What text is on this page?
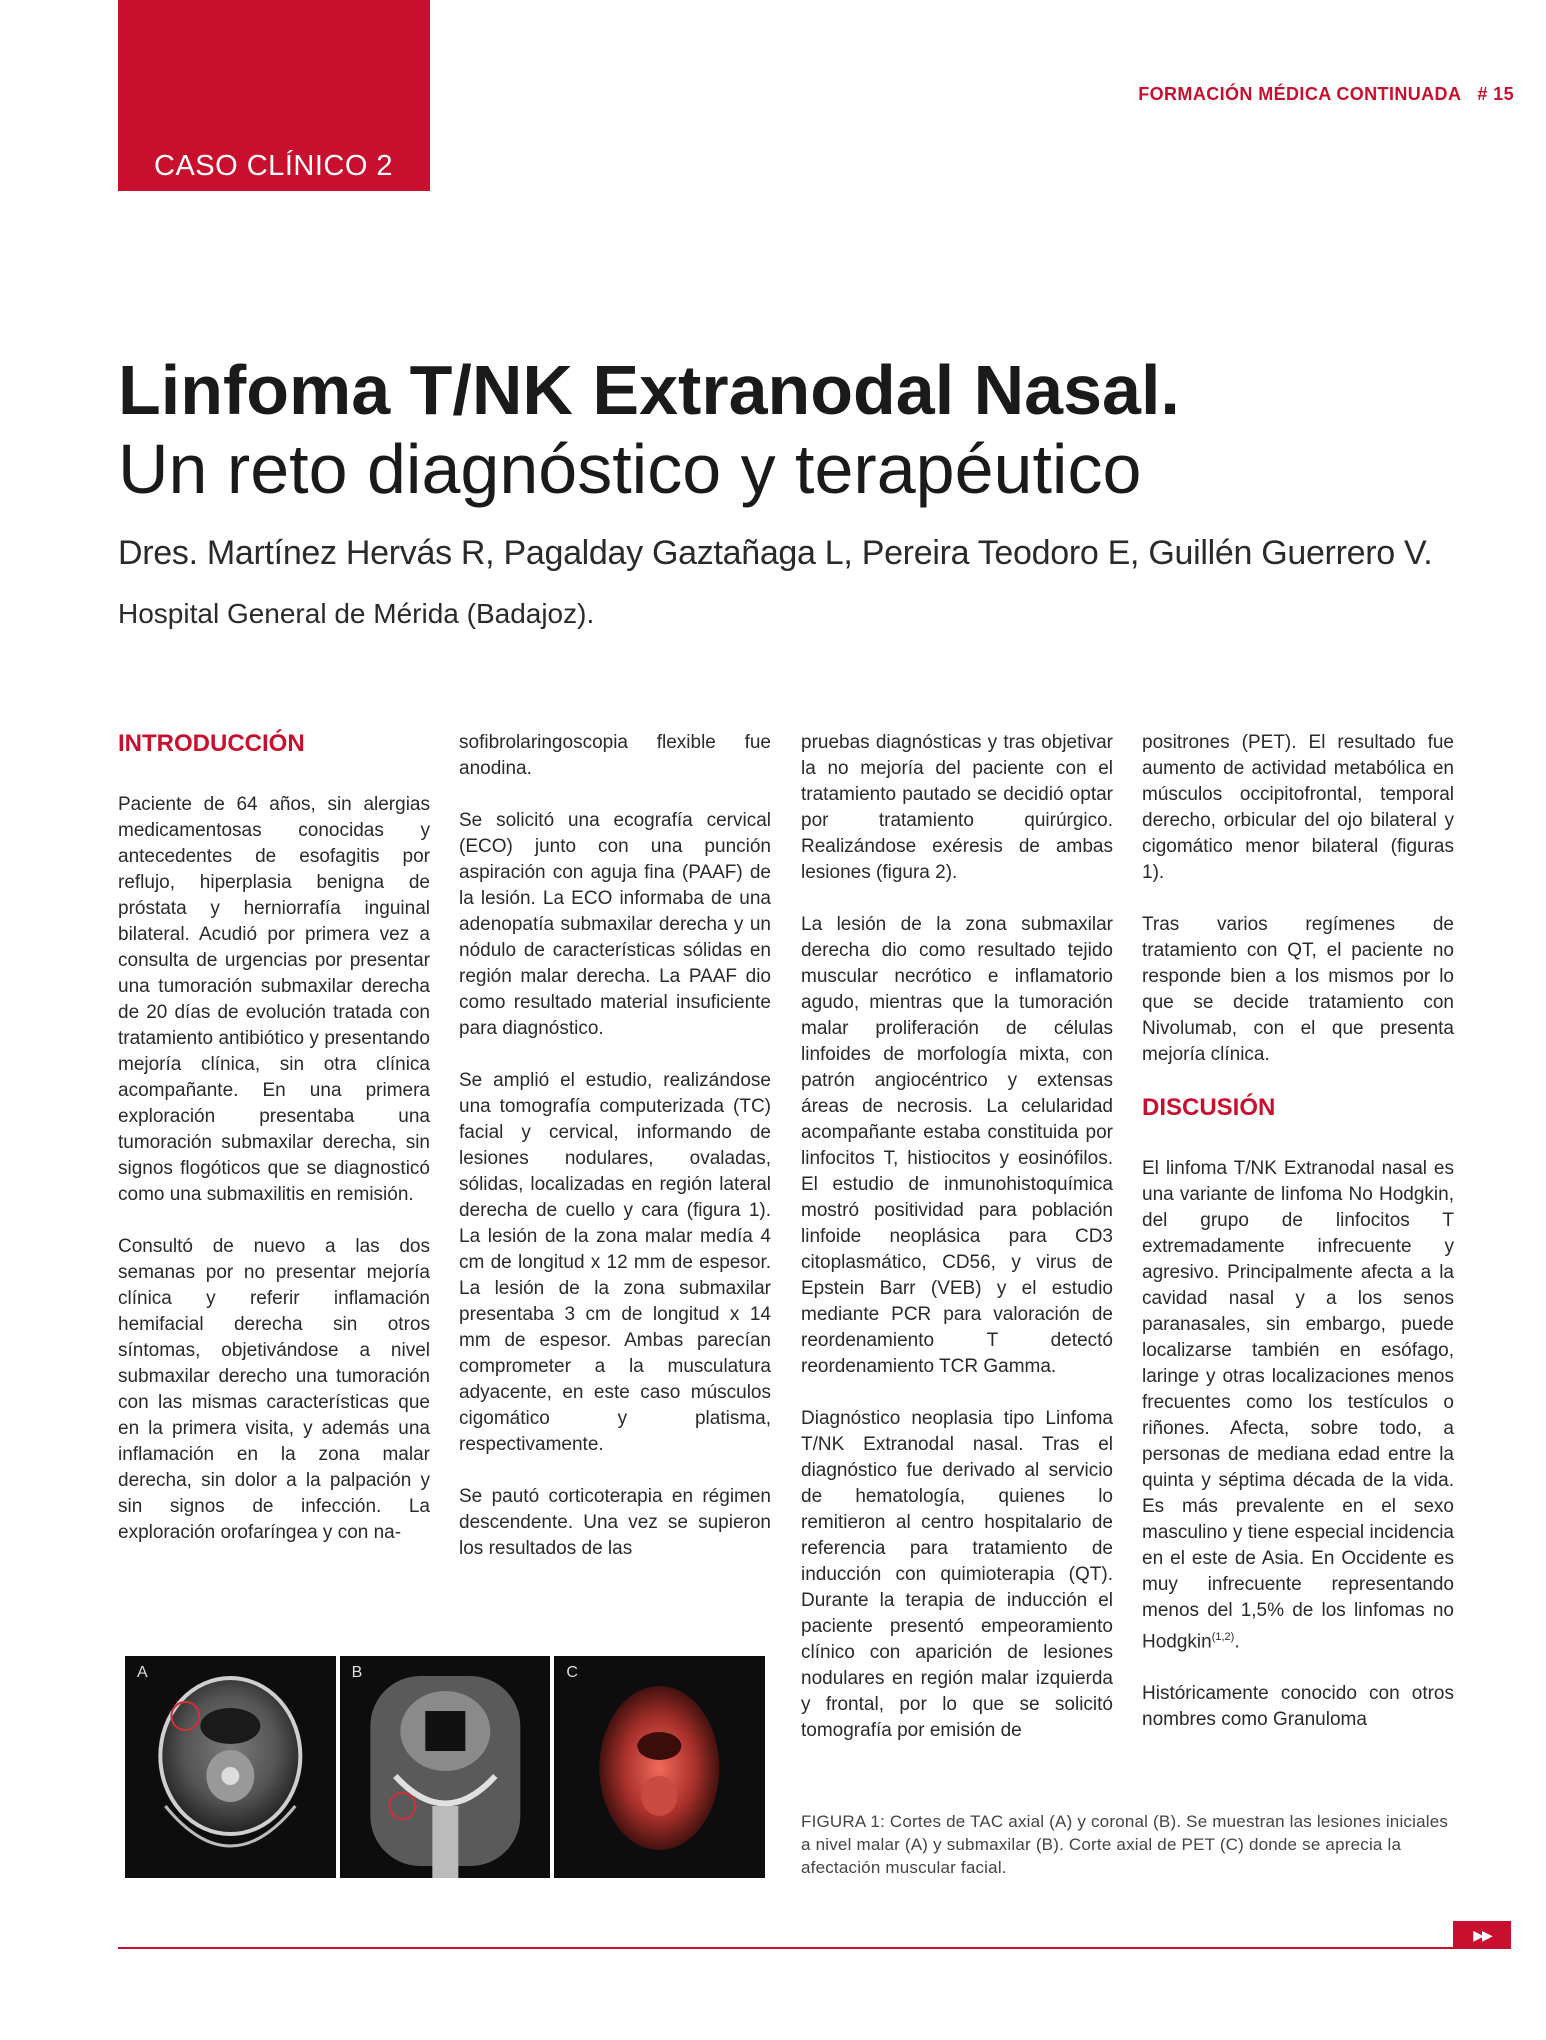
CASO CLÍNICO 2
FORMACIÓN MÉDICA CONTINUADA # 15
Linfoma T/NK Extranodal Nasal.
Un reto diagnóstico y terapéutico
Dres. Martínez Hervás R, Pagalday Gaztañaga L, Pereira Teodoro E, Guillén Guerrero V.
Hospital General de Mérida (Badajoz).
INTRODUCCIÓN

Paciente de 64 años, sin alergias medicamentosas conocidas y antecedentes de esofagitis por reflujo, hiperplasia benigna de próstata y herniorrafía inguinal bilateral. Acudió por primera vez a consulta de urgencias por presentar una tumoración submaxilar derecha de 20 días de evolución tratada con tratamiento antibiótico y presentando mejoría clínica, sin otra clínica acompañante. En una primera exploración presentaba una tumoración submaxilar derecha, sin signos flogóticos que se diagnosticó como una submaxilitis en remisión.

Consultó de nuevo a las dos semanas por no presentar mejoría clínica y referir inflamación hemifacial derecha sin otros síntomas, objetivándose a nivel submaxilar derecho una tumoración con las mismas características que en la primera visita, y además una inflamación en la zona malar derecha, sin dolor a la palpación y sin signos de infección. La exploración orofaríngea y con na-

sofibrolaringoscopia flexible fue anodina.

Se solicitó una ecografía cervical (ECO) junto con una punción aspiración con aguja fina (PAAF) de la lesión. La ECO informaba de una adenopatía submaxilar derecha y un nódulo de características sólidas en región malar derecha. La PAAF dio como resultado material insuficiente para diagnóstico.

Se amplió el estudio, realizándose una tomografía computerizada (TC) facial y cervical, informando de lesiones nodulares, ovaladas, sólidas, localizadas en región lateral derecha de cuello y cara (figura 1). La lesión de la zona malar medía 4 cm de longitud x 12 mm de espesor. La lesión de la zona submaxilar presentaba 3 cm de longitud x 14 mm de espesor. Ambas parecían comprometer a la musculatura adyacente, en este caso músculos cigomático y platisma, respectivamente.

Se pautó corticoterapia en régimen descendente. Una vez se supieron los resultados de las

pruebas diagnósticas y tras objetivar la no mejoría del paciente con el tratamiento pautado se decidió optar por tratamiento quirúrgico. Realizándose exéresis de ambas lesiones (figura 2).

La lesión de la zona submaxilar derecha dio como resultado tejido muscular necrótico e inflamatorio agudo, mientras que la tumoración malar proliferación de células linfoides de morfología mixta, con patrón angiocéntrico y extensas áreas de necrosis. La celularidad acompañante estaba constituida por linfocitos T, histiocitos y eosinófilos. El estudio de inmunohistoquímica mostró positividad para población linfoide neoplásica para CD3 citoplasmático, CD56, y virus de Epstein Barr (VEB) y el estudio mediante PCR para valoración de reordenamiento T detectó reordenamiento TCR Gamma.

Diagnóstico neoplasia tipo Linfoma T/NK Extranodal nasal. Tras el diagnóstico fue derivado al servicio de hematología, quienes lo remitieron al centro hospitalario de referencia para tratamiento de inducción con quimioterapia (QT). Durante la terapia de inducción el paciente presentó empeoramiento clínico con aparición de lesiones nodulares en región malar izquierda y frontal, por lo que se solicitó tomografía por emisión de

positrones (PET). El resultado fue aumento de actividad metabólica en músculos occipitofrontal, temporal derecho, orbicular del ojo bilateral y cigomático menor bilateral (figuras 1).

Tras varios regímenes de tratamiento con QT, el paciente no responde bien a los mismos por lo que se decide tratamiento con Nivolumab, con el que presenta mejoría clínica.

DISCUSIÓN

El linfoma T/NK Extranodal nasal es una variante de linfoma No Hodgkin, del grupo de linfocitos T extremadamente infrecuente y agresivo. Principalmente afecta a la cavidad nasal y a los senos paranasales, sin embargo, puede localizarse también en esófago, laringe y otras localizaciones menos frecuentes como los testículos o riñones. Afecta, sobre todo, a personas de mediana edad entre la quinta y séptima década de la vida. Es más prevalente en el sexo masculino y tiene especial incidencia en el este de Asia. En Occidente es muy infrecuente representando menos del 1,5% de los linfomas no Hodgkin$^{(1,2)}$.

Históricamente conocido con otros nombres como Granuloma

A	B	C
FIGURA 1: Cortes de TAC axial (A) y coronal (B). Se muestran las lesiones iniciales a nivel malar (A) y submaxilar (B). Corte axial de PET (C) donde se aprecia la afectación muscular facial.
▶▶
